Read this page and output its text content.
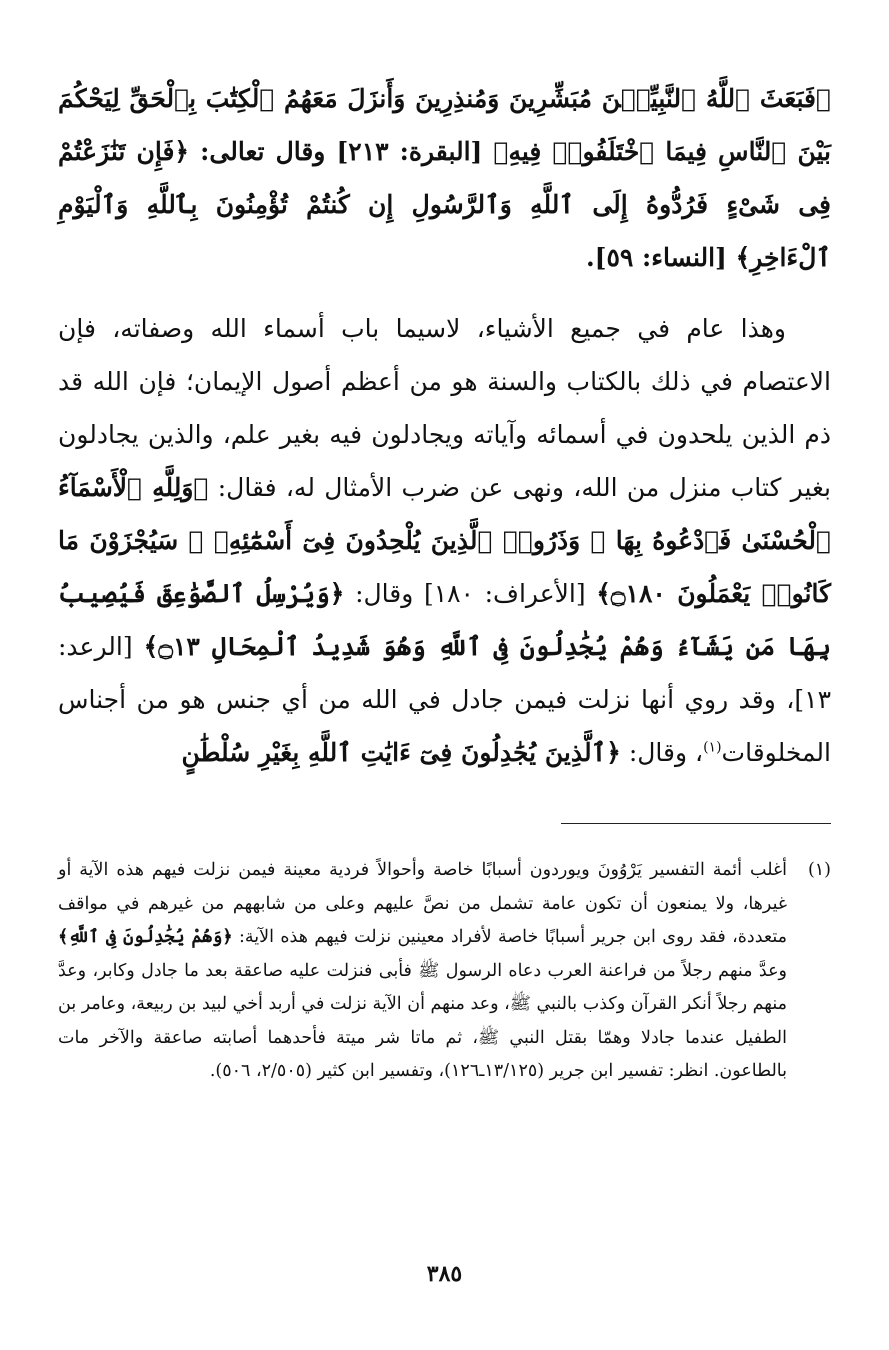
﴿فَبَعَثَ ٱللَّهُ ٱلنَّبِيِّـۧنَ مُبَشِّرِينَ وَمُنذِرِينَ وَأَنزَلَ مَعَهُمُ ٱلْكِتَٰبَ بِٱلْحَقِّ لِيَحْكُمَ بَيْنَ ٱلنَّاسِ فِيمَا ٱخْتَلَفُوا۟ فِيهِ﴾ [البقرة: ٢١٣] وقال تعالى: ﴿فَإِن تَنَٰزَعْتُمْ فِى شَىْءٍ فَرُدُّوهُ إِلَى ٱللَّهِ وَٱلرَّسُولِ إِن كُنتُمْ تُؤْمِنُونَ بِٱللَّهِ وَٱلْيَوْمِ ٱلْءَاخِرِ﴾ [النساء: ٥٩].

وهذا عام في جميع الأشياء، لاسيما باب أسماء الله وصفاته، فإن الاعتصام في ذلك بالكتاب والسنة هو من أعظم أصول الإيمان؛ فإن الله قد ذم الذين يلحدون في أسمائه وآياته ويجادلون فيه بغير علم، والذين يجادلون بغير كتاب منزل من الله، ونهى عن ضرب الأمثال له، فقال: ﴿وَلِلَّهِ ٱلْأَسْمَآءُ ٱلْحُسْنَىٰ فَٱدْعُوهُ بِهَا ۖ وَذَرُوا۟ ٱلَّذِينَ يُلْحِدُونَ فِىٓ أَسْمَٰٓئِهِۦ ۚ سَيُجْزَوْنَ مَا كَانُوا۟ يَعْمَلُونَ ۝١٨٠﴾ [الأعراف: ١٨٠] وقال: ﴿وَيُرْسِلُ ٱلصَّوَٰعِقَ فَيُصِيبُ بِهَا مَن يَشَآءُ وَهُمْ يُجَٰدِلُونَ فِى ٱللَّهِ وَهُوَ شَدِيدُ ٱلْمِحَالِ ۝١٣﴾ [الرعد: ١٣]، وقد روي أنها نزلت فيمن جادل في الله من أي جنس هو من أجناس المخلوقات$^{(١)}$، وقال: ﴿ٱلَّذِينَ يُجَٰدِلُونَ فِىٓ ءَايَٰتِ ٱللَّهِ بِغَيْرِ سُلْطَٰنٍ

(١)
أغلب أئمة التفسير يَرْوُونَ ويوردون أسبابًا خاصة وأحوالاً فردية معينة فيمن نزلت فيهم هذه الآية أو غيرها، ولا يمنعون أن تكون عامة تشمل من نصَّ عليهم وعلى من شابههم من غيرهم في مواقف متعددة، فقد روى ابن جرير أسبابًا خاصة لأفراد معينين نزلت فيهم هذه الآية: ﴿وَهُمْ يُجَٰدِلُونَ فِى ٱللَّهِ﴾ وعدَّ منهم رجلاً من فراعنة العرب دعاه الرسول ﷺ فأبى فنزلت عليه صاعقة بعد ما جادل وكابر، وعدَّ منهم رجلاً أنكر القرآن وكذب بالنبي ﷺ، وعد منهم أن الآية نزلت في أربد أخي لبيد بن ربيعة، وعامر بن الطفيل عندما جادلا وهمّا بقتل النبي ﷺ، ثم ماتا شر ميتة فأحدهما أصابته صاعقة والآخر مات بالطاعون. انظر: تفسير ابن جرير (١٣/١٢٥ـ١٢٦)، وتفسير ابن كثير (٢/٥٠٥، ٥٠٦).
٣٨٥
